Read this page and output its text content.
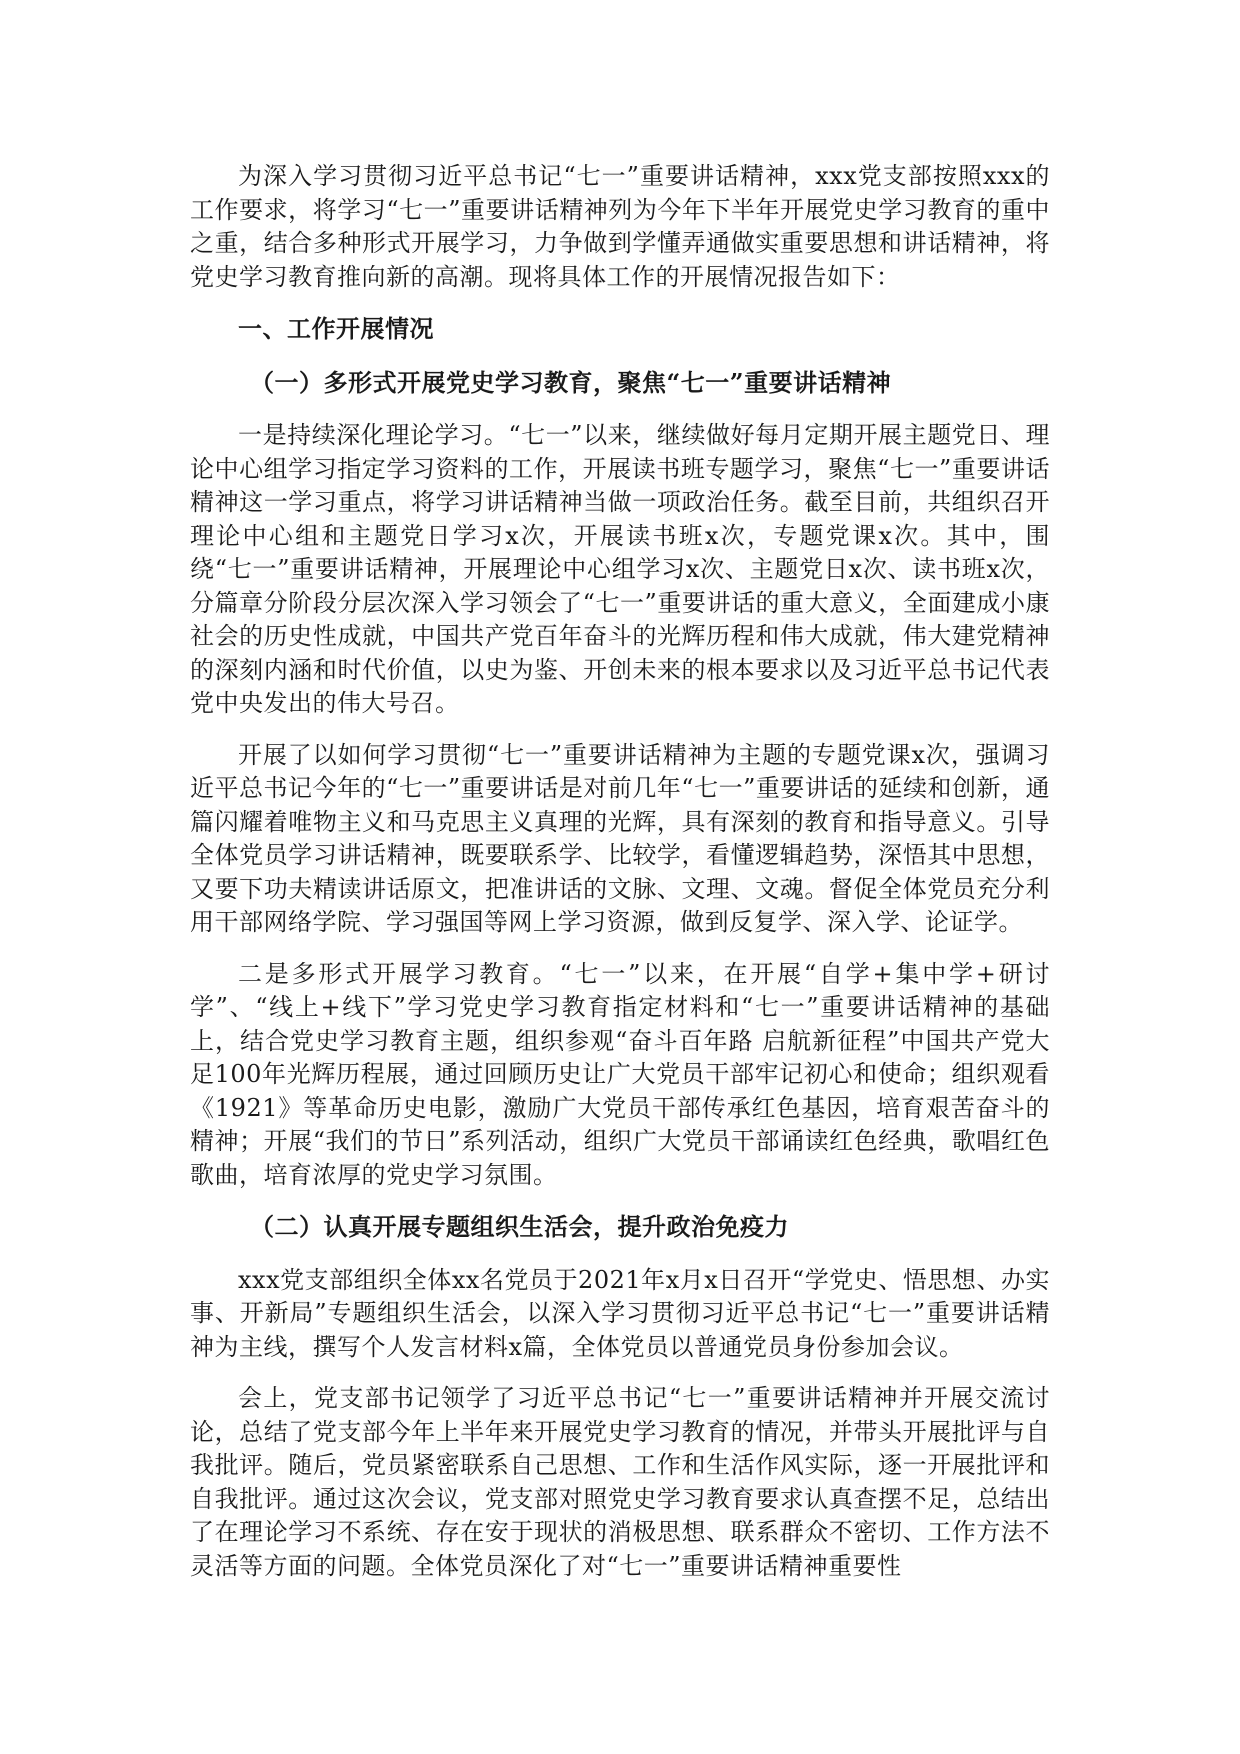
为深入学习贯彻习近平总书记“七一”重要讲话精神，xxx党支部按照xxx的工作要求，将学习“七一”重要讲话精神列为今年下半年开展党史学习教育的重中之重，结合多种形式开展学习，力争做到学懂弄通做实重要思想和讲话精神，将党史学习教育推向新的高潮。现将具体工作的开展情况报告如下：

一、工作开展情况

（一）多形式开展党史学习教育，聚焦“七一”重要讲话精神

一是持续深化理论学习。“七一”以来，继续做好每月定期开展主题党日、理论中心组学习指定学习资料的工作，开展读书班专题学习，聚焦“七一”重要讲话精神这一学习重点，将学习讲话精神当做一项政治任务。截至目前，共组织召开理论中心组和主题党日学习x次，开展读书班x次，专题党课x次。其中，围绕“七一”重要讲话精神，开展理论中心组学习x次、主题党日x次、读书班x次，分篇章分阶段分层次深入学习领会了“七一”重要讲话的重大意义，全面建成小康社会的历史性成就，中国共产党百年奋斗的光辉历程和伟大成就，伟大建党精神的深刻内涵和时代价值，以史为鉴、开创未来的根本要求以及习近平总书记代表党中央发出的伟大号召。

开展了以如何学习贯彻“七一”重要讲话精神为主题的专题党课x次，强调习近平总书记今年的“七一”重要讲话是对前几年“七一”重要讲话的延续和创新，通篇闪耀着唯物主义和马克思主义真理的光辉，具有深刻的教育和指导意义。引导全体党员学习讲话精神，既要联系学、比较学，看懂逻辑趋势，深悟其中思想，又要下功夫精读讲话原文，把准讲话的文脉、文理、文魂。督促全体党员充分利用干部网络学院、学习强国等网上学习资源，做到反复学、深入学、论证学。

二是多形式开展学习教育。“七一”以来，在开展“自学+集中学+研讨学”、“线上+线下”学习党史学习教育指定材料和“七一”重要讲话精神的基础上，结合党史学习教育主题，组织参观“奋斗百年路 启航新征程”中国共产党大足100年光辉历程展，通过回顾历史让广大党员干部牢记初心和使命；组织观看《1921》等革命历史电影，激励广大党员干部传承红色基因，培育艰苦奋斗的精神；开展“我们的节日”系列活动，组织广大党员干部诵读红色经典，歌唱红色歌曲，培育浓厚的党史学习氛围。

（二）认真开展专题组织生活会，提升政治免疫力

xxx党支部组织全体xx名党员于2021年x月x日召开“学党史、悟思想、办实事、开新局”专题组织生活会，以深入学习贯彻习近平总书记“七一”重要讲话精神为主线，撰写个人发言材料x篇，全体党员以普通党员身份参加会议。

会上，党支部书记领学了习近平总书记“七一”重要讲话精神并开展交流讨论，总结了党支部今年上半年来开展党史学习教育的情况，并带头开展批评与自我批评。随后，党员紧密联系自己思想、工作和生活作风实际，逐一开展批评和自我批评。通过这次会议，党支部对照党史学习教育要求认真查摆不足，总结出了在理论学习不系统、存在安于现状的消极思想、联系群众不密切、工作方法不灵活等方面的问题。全体党员深化了对“七一”重要讲话精神重要性
